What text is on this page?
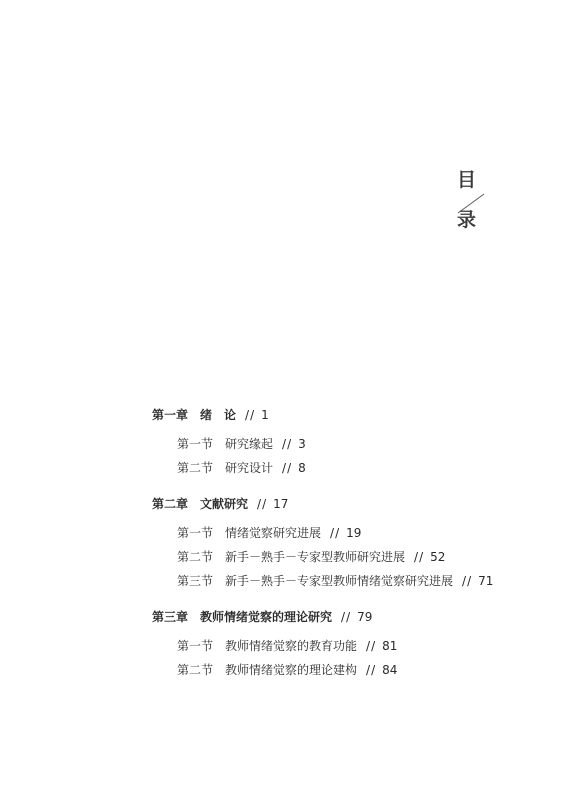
目
录
第一章 绪　论 // 1
第一节 研究缘起 // 3
第二节 研究设计 // 8
第二章 文献研究 // 17
第一节 情绪觉察研究进展 // 19
第二节 新手－熟手－专家型教师研究进展 // 52
第三节 新手－熟手－专家型教师情绪觉察研究进展 // 71
第三章 教师情绪觉察的理论研究 // 79
第一节 教师情绪觉察的教育功能 // 81
第二节 教师情绪觉察的理论建构 // 84
